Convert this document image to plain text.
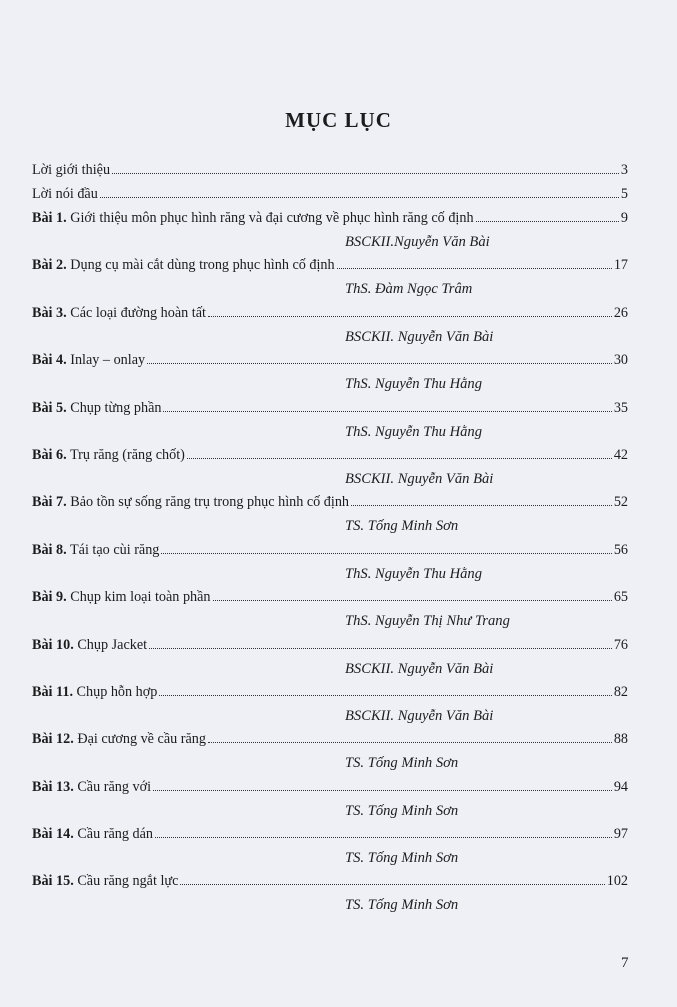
MỤC LỤC
Lời giới thiệu	3
Lời nói đầu	5
Bài 1. Giới thiệu môn phục hình răng và đại cương về phục hình răng cố định	9
BSCKII.Nguyễn Văn Bài
Bài 2. Dụng cụ mài cắt dùng trong phục hình cố định	17
ThS. Đàm Ngọc Trâm
Bài 3. Các loại đường hoàn tất	26
BSCKII. Nguyễn Văn Bài
Bài 4. Inlay – onlay	30
ThS. Nguyễn Thu Hằng
Bài 5. Chụp từng phần	35
ThS. Nguyễn Thu Hằng
Bài 6. Trụ răng (răng chốt)	42
BSCKII. Nguyễn Văn Bài
Bài 7. Bảo tồn sự sống răng trụ trong phục hình cố định	52
TS. Tống Minh Sơn
Bài 8. Tái tạo cùi răng	56
ThS. Nguyễn Thu Hằng
Bài 9. Chụp kim loại toàn phần	65
ThS. Nguyễn Thị Như Trang
Bài 10. Chụp Jacket	76
BSCKII. Nguyễn Văn Bài
Bài 11. Chụp hỗn hợp	82
BSCKII. Nguyễn Văn Bài
Bài 12. Đại cương về cầu răng	88
TS. Tống Minh Sơn
Bài 13. Cầu răng với	94
TS. Tống Minh Sơn
Bài 14. Cầu răng dán	97
TS. Tống Minh Sơn
Bài 15. Cầu răng ngắt lực	102
TS. Tống Minh Sơn
7
